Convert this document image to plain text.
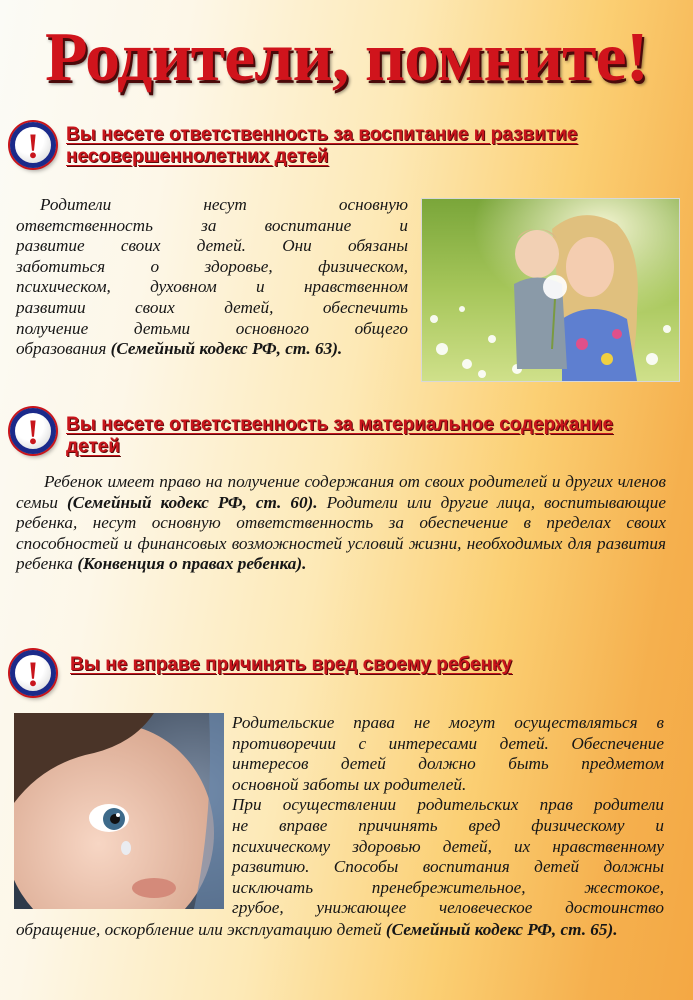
Родители, помните!
!	Вы несете ответственность за воспитание и развитие несовершеннолетних детей
Родители несут основную
ответственность за воспитание и
развитие своих детей. Они обязаны
заботиться о здоровье, физическом,
психическом, духовном и нравственном
развитии своих детей, обеспечить
получение детьми основного общего
образования (Семейный кодекс РФ, ст. 63).
!	Вы несете ответственность за материальное содержание детей
Ребенок имеет право на получение содержания от своих родителей и других членов семьи (Семейный кодекс РФ, ст. 60). Родители или другие лица, воспитывающие ребенка, несут основную ответственность за обеспечение в пределах своих способностей и финансовых возможностей условий жизни, необходимых для развития ребенка (Конвенция о правах ребенка).
!	Вы не вправе причинять вред своему ребенку
Родительские права не могут осуществляться в
противоречии с интересами детей. Обеспечение
интересов детей должно быть предметом
основной заботы их родителей.
При осуществлении родительских прав родители
не вправе причинять вред физическому и
психическому здоровью детей, их нравственному
развитию. Способы воспитания детей должны
исключать пренебрежительное, жестокое,
грубое, унижающее человеческое достоинство
обращение, оскорбление или эксплуатацию детей (Семейный кодекс РФ, ст. 65).
